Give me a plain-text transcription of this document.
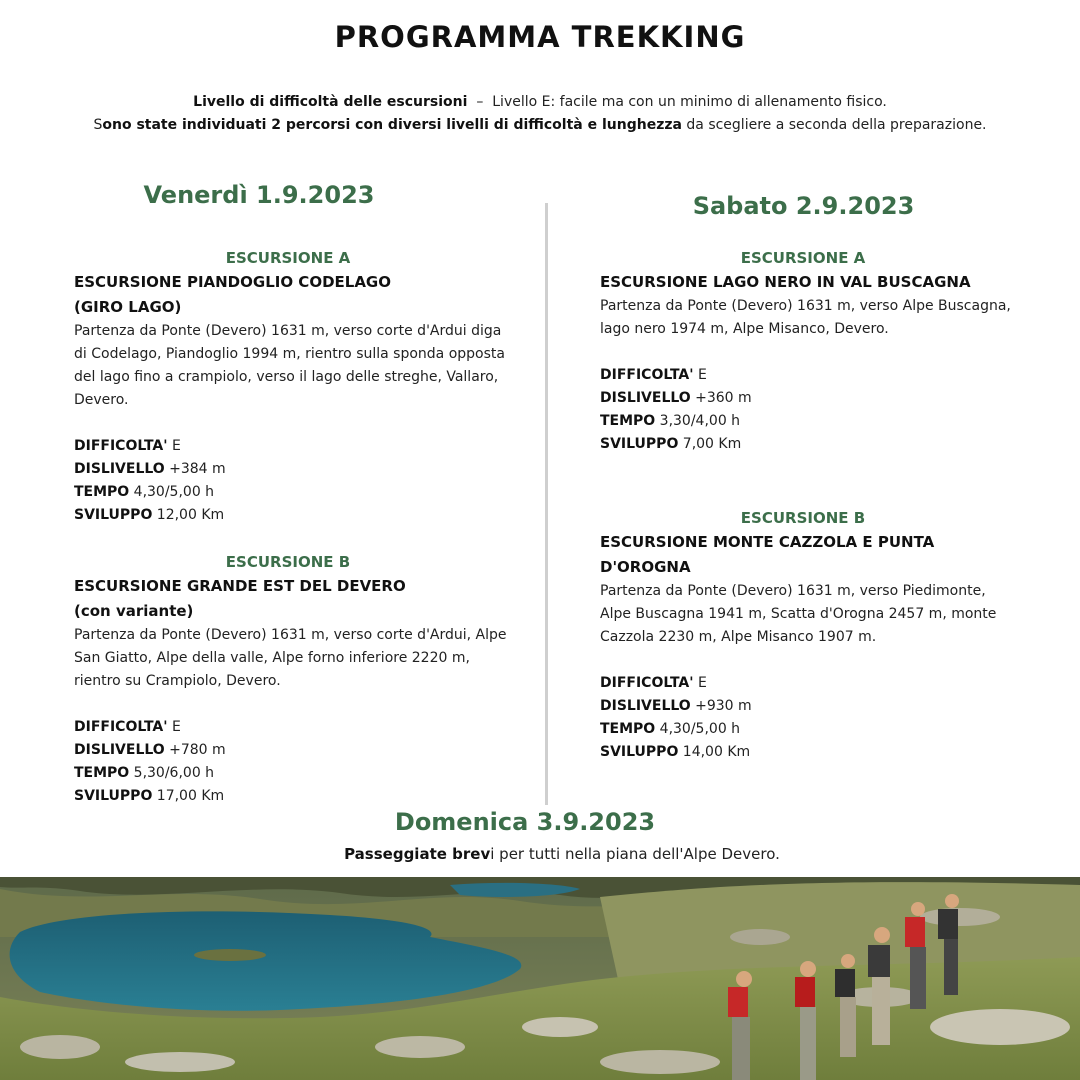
PROGRAMMA TREKKING
Livello di difficoltà delle escursioni  –  Livello E: facile ma con un minimo di allenamento fisico.
Sono state individuati 2 percorsi con diversi livelli di difficoltà e lunghezza da scegliere a seconda della preparazione.
Venerdì 1.9.2023	Sabato 2.9.2023
ESCURSIONE A
ESCURSIONE PIANDOGLIO CODELAGO
(GIRO LAGO)
Partenza da Ponte (Devero) 1631 m, verso corte d'Ardui diga di Codelago, Piandoglio 1994 m, rientro sulla sponda opposta del lago fino a crampiolo, verso il lago delle streghe, Vallaro, Devero.
DIFFICOLTA' E
DISLIVELLO +384 m
TEMPO 4,30/5,00 h
SVILUPPO 12,00 Km
ESCURSIONE B
ESCURSIONE GRANDE EST DEL DEVERO
(con variante)
Partenza da Ponte (Devero) 1631 m, verso corte d'Ardui, Alpe San Giatto, Alpe della valle, Alpe forno inferiore 2220 m, rientro su Crampiolo, Devero.
DIFFICOLTA' E
DISLIVELLO +780 m
TEMPO 5,30/6,00 h
SVILUPPO 17,00 Km
ESCURSIONE A
ESCURSIONE LAGO NERO IN VAL BUSCAGNA
Partenza da Ponte (Devero) 1631 m, verso Alpe Buscagna, lago nero 1974 m, Alpe Misanco, Devero.
DIFFICOLTA' E
DISLIVELLO +360 m
TEMPO 3,30/4,00 h
SVILUPPO 7,00 Km
ESCURSIONE B
ESCURSIONE MONTE CAZZOLA E PUNTA
D'OROGNA
Partenza da Ponte (Devero) 1631 m, verso Piedimonte, Alpe Buscagna 1941 m, Scatta d'Orogna 2457 m, monte Cazzola 2230 m, Alpe Misanco 1907 m.
DIFFICOLTA' E
DISLIVELLO +930 m
TEMPO 4,30/5,00 h
SVILUPPO 14,00 Km
Domenica 3.9.2023
Passeggiate brevi per tutti nella piana dell'Alpe Devero.
